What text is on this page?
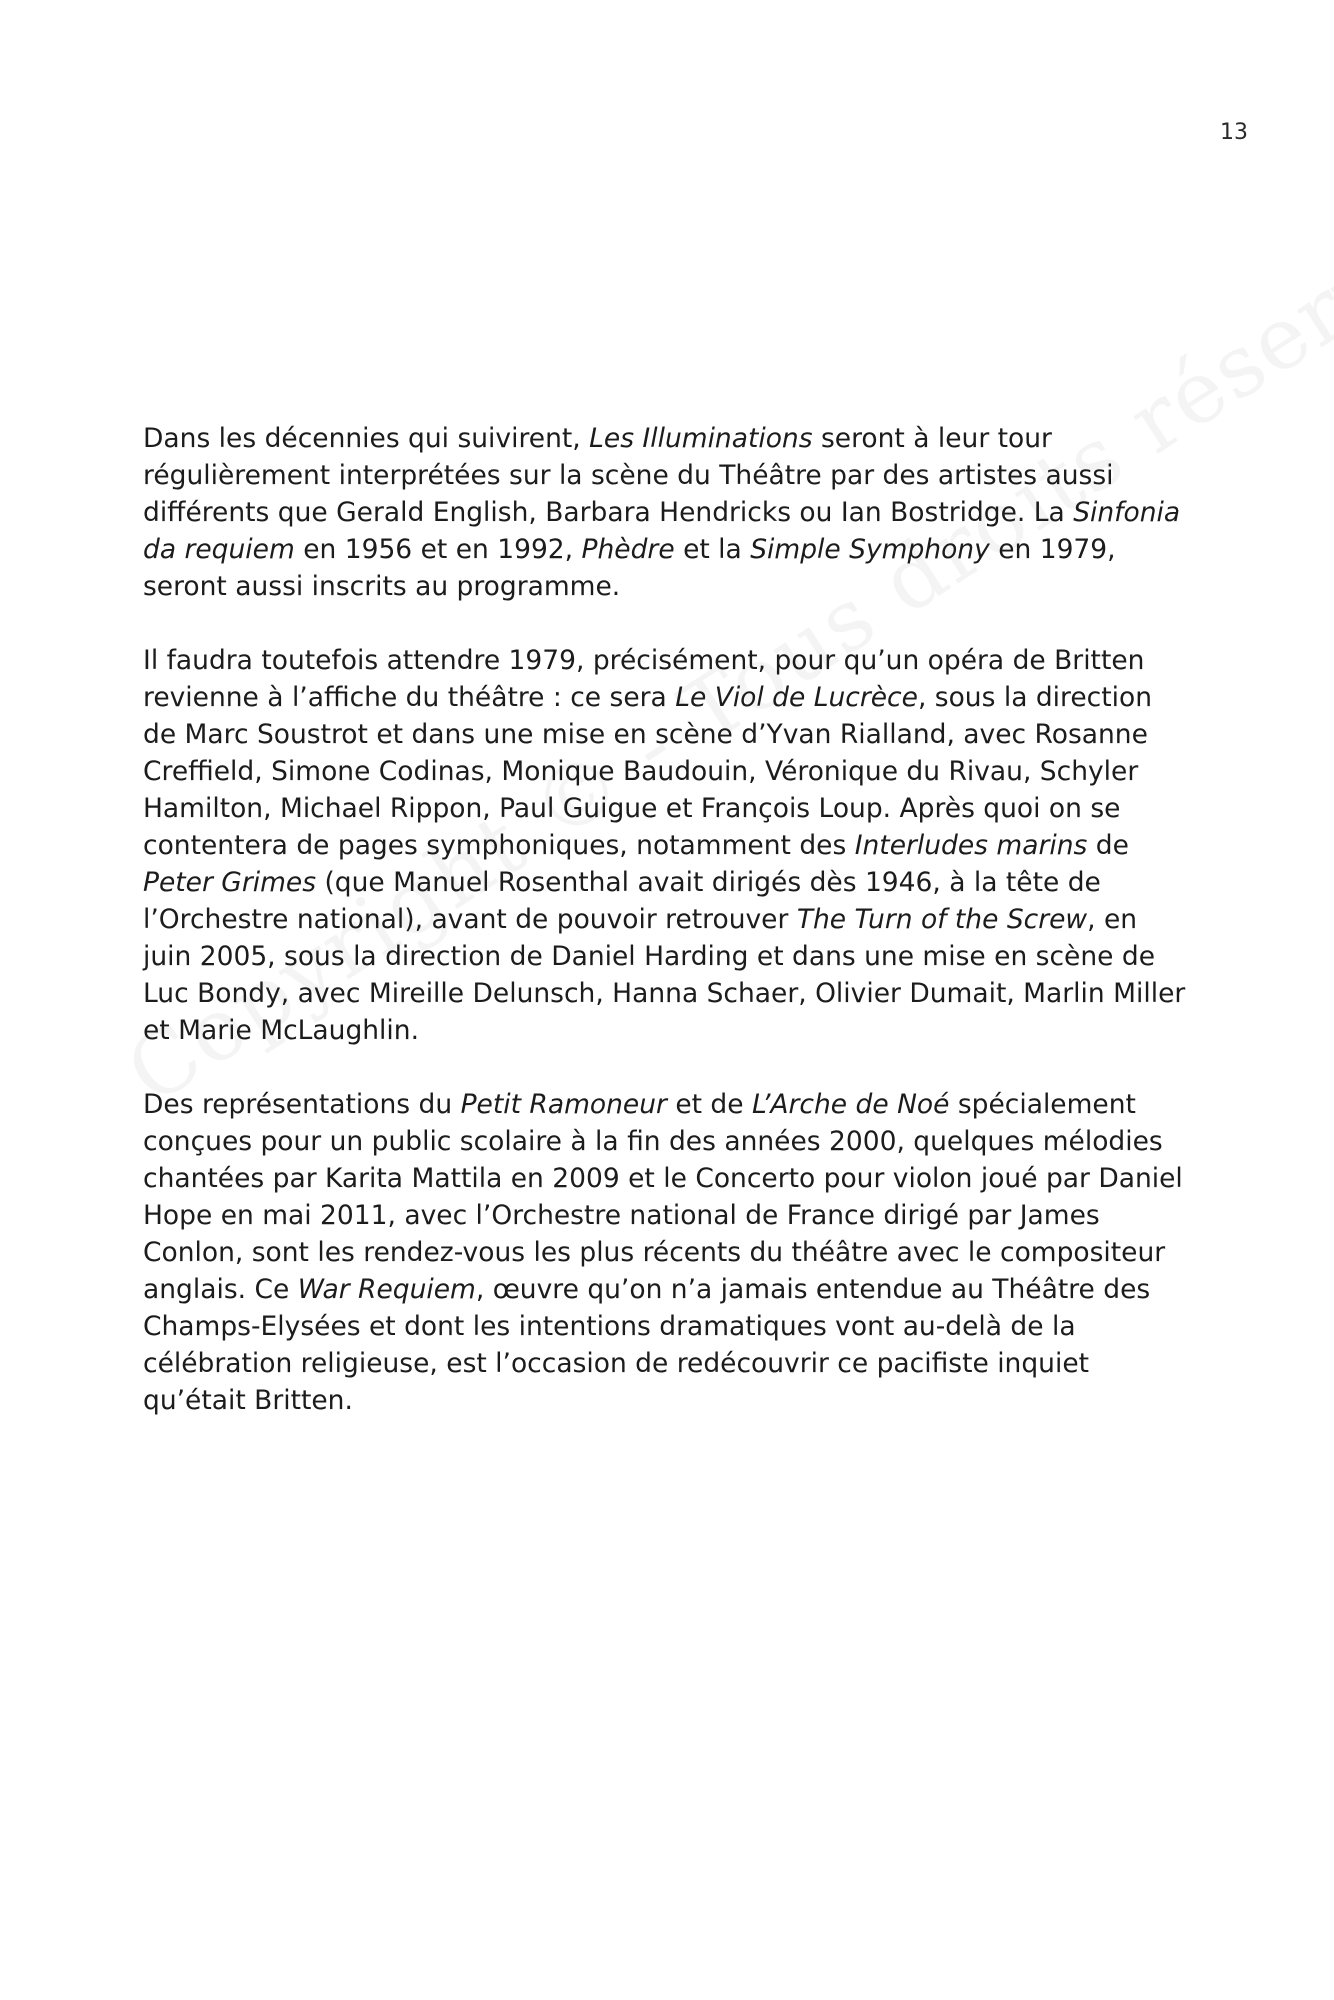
13

Dans les décennies qui suivirent, Les Illuminations seront à leur tour régulièrement interprétées sur la scène du Théâtre par des artistes aussi différents que Gerald English, Barbara Hendricks ou Ian Bostridge. La Sinfonia da requiem en 1956 et en 1992, Phèdre et la Simple Symphony en 1979, seront aussi inscrits au programme.

Il faudra toutefois attendre 1979, précisément, pour qu’un opéra de Britten revienne à l’affiche du théâtre : ce sera Le Viol de Lucrèce, sous la direction de Marc Soustrot et dans une mise en scène d’Yvan Rialland, avec Rosanne Creffield, Simone Codinas, Monique Baudouin, Véronique du Rivau, Schyler Hamilton, Michael Rippon, Paul Guigue et François Loup. Après quoi on se contentera de pages symphoniques, notamment des Interludes marins de Peter Grimes (que Manuel Rosenthal avait dirigés dès 1946, à la tête de l’Orchestre national), avant de pouvoir retrouver The Turn of the Screw, en juin 2005, sous la direction de Daniel Harding et dans une mise en scène de Luc Bondy, avec Mireille Delunsch, Hanna Schaer, Olivier Dumait, Marlin Miller et Marie McLaughlin.

Des représentations du Petit Ramoneur et de L’Arche de Noé spécialement conçues pour un public scolaire à la fin des années 2000, quelques mélodies chantées par Karita Mattila en 2009 et le Concerto pour violon joué par Daniel Hope en mai 2011, avec l’Orchestre national de France dirigé par James Conlon, sont les rendez-vous les plus récents du théâtre avec le compositeur anglais. Ce War Requiem, œuvre qu’on n’a jamais entendue au Théâtre des Champs-Elysées et dont les intentions dramatiques vont au-delà de la célébration religieuse, est l’occasion de redécouvrir ce pacifiste inquiet qu’était Britten.
